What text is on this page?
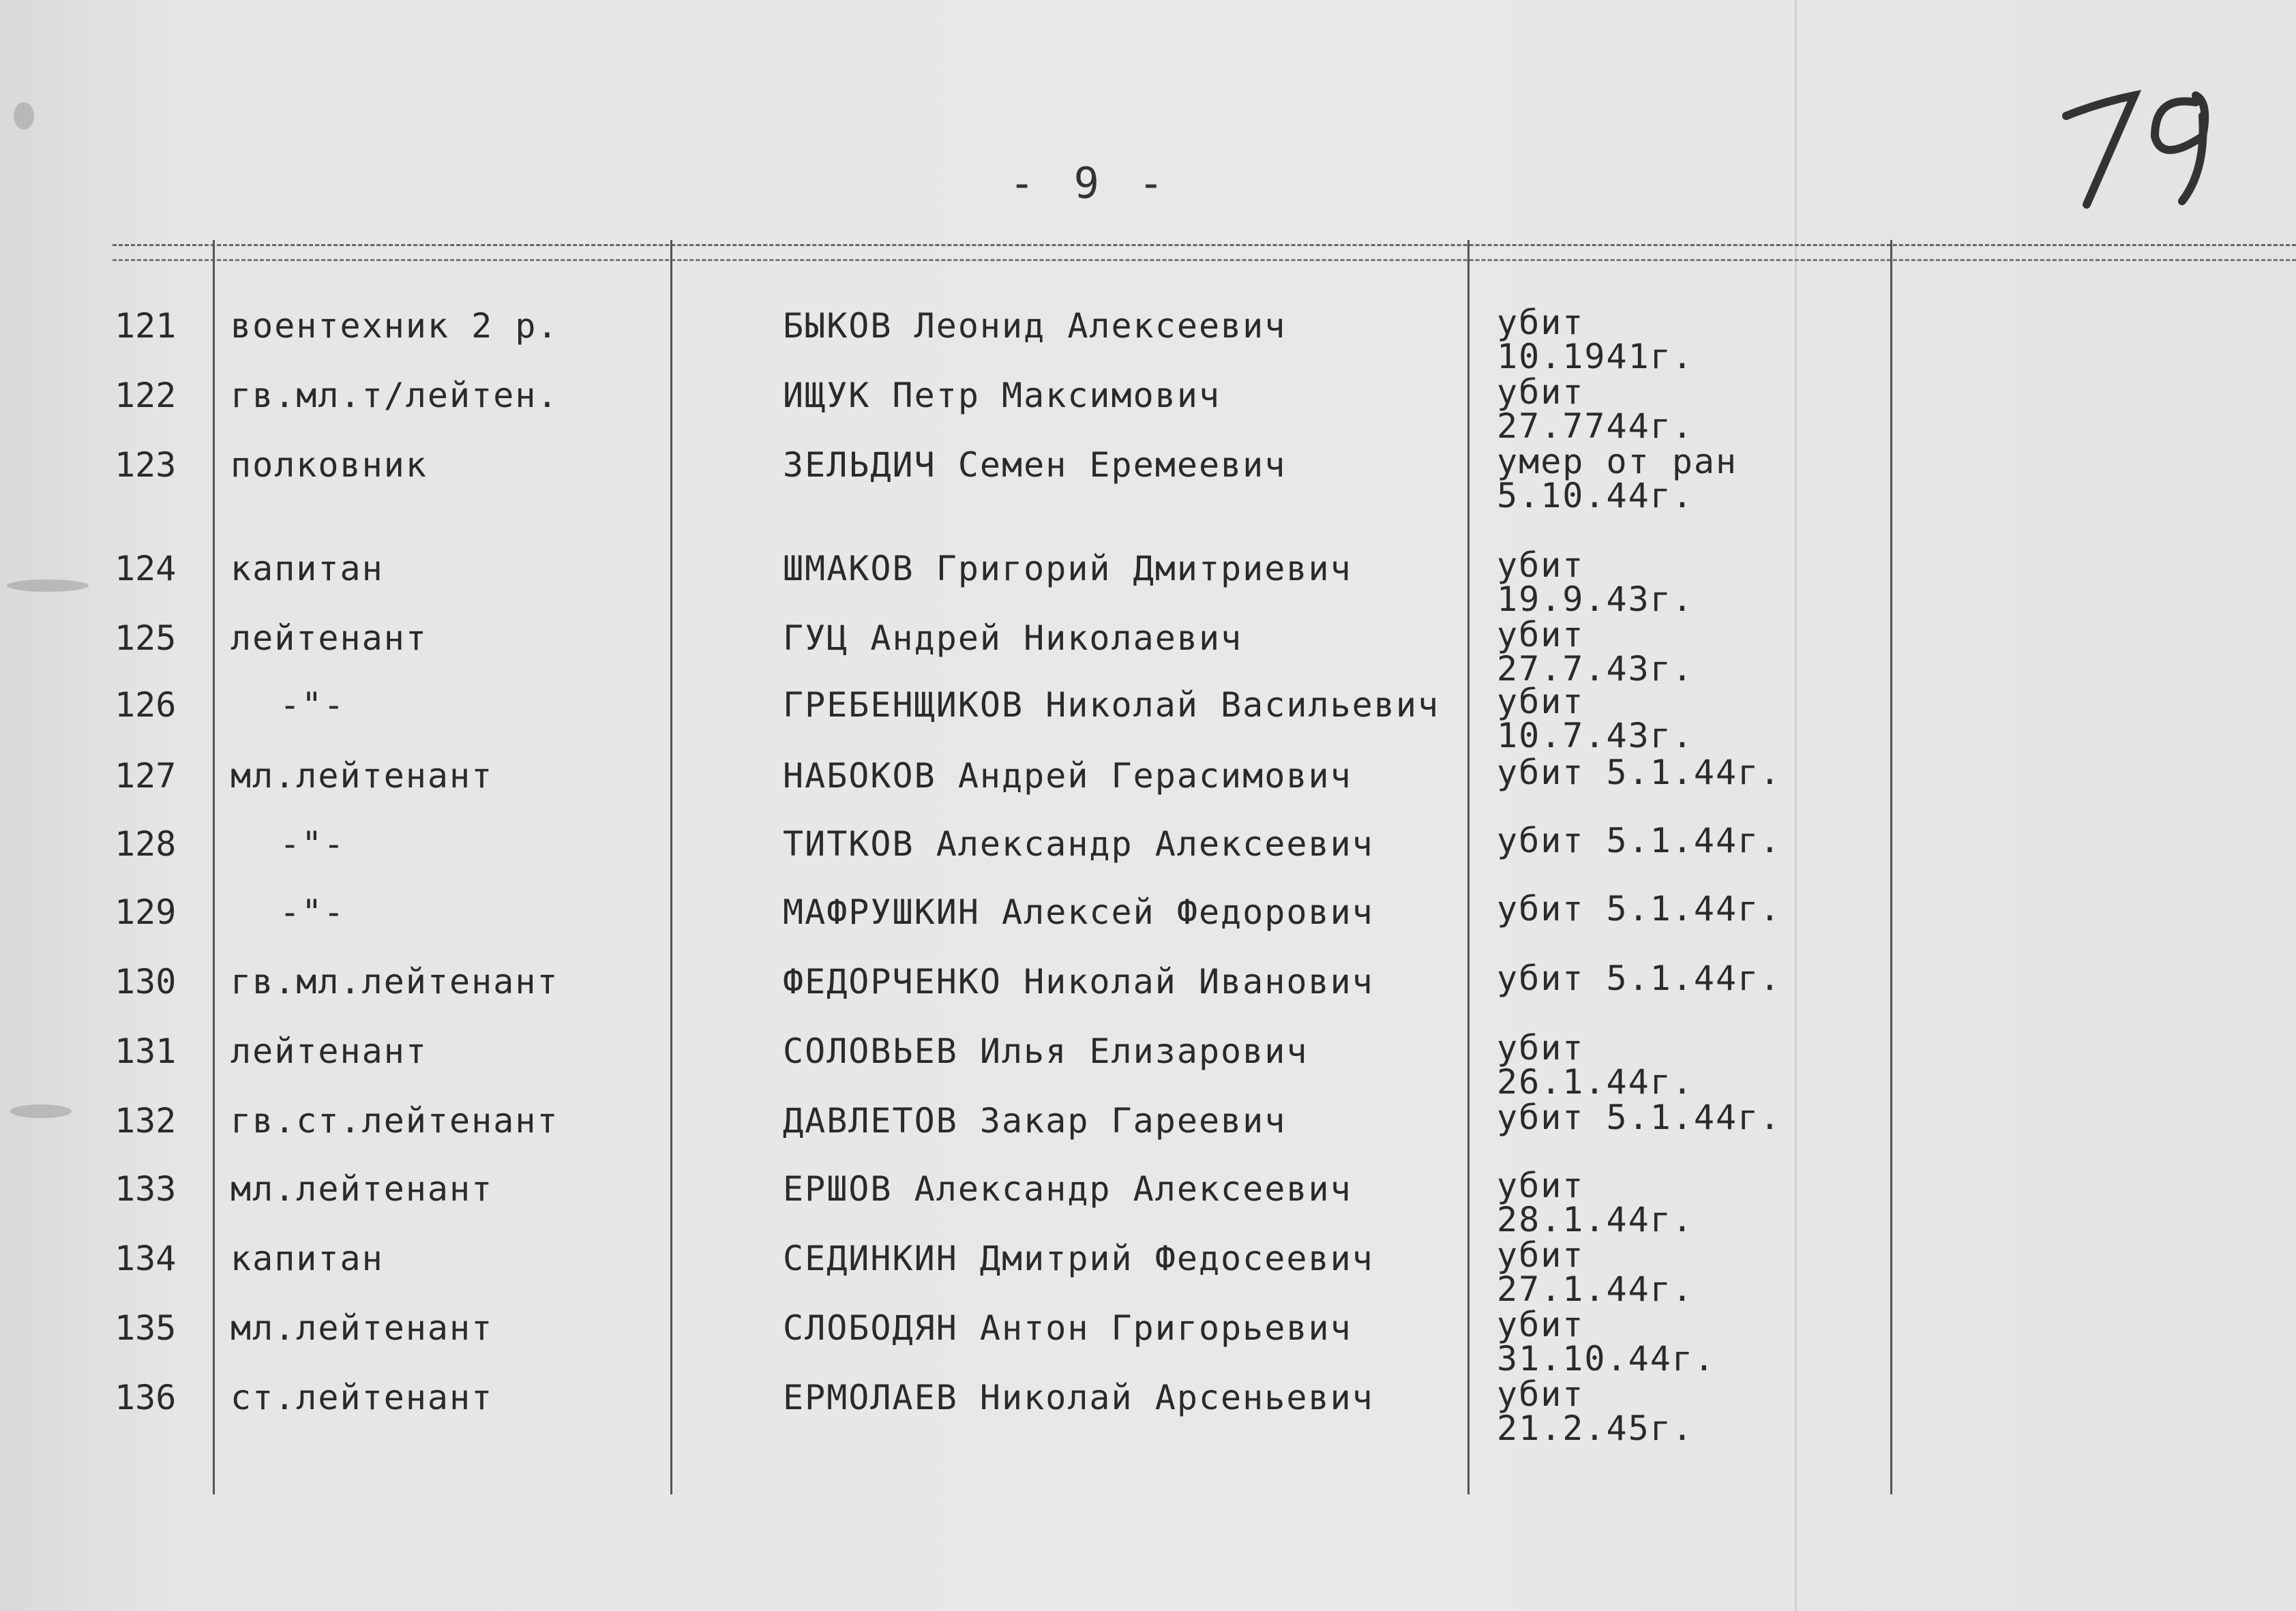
- 9 -
121 воентехник 2 р.	БЫКОВ Леонид Алексеевич	убит 10.1941г.
122 гв.мл.т/лейтен.	ИЩУК Петр Максимович	убит 27.7744г.
123 полковник	ЗЕЛЬДИЧ Семен Еремеевич	умер от ран 5.10.44г.
124 капитан	ШМАКОВ Григорий Дмитриевич	убит 19.9.43г.
125 лейтенант	ГУЦ Андрей Николаевич	убит 27.7.43г.
126	-"-	ГРЕБЕНЩИКОВ Николай Васильевич убит 10.7.43г.
127 мл.лейтенант	НАБОКОВ Андрей Герасимович	убит 5.1.44г.
128	-"-	ТИТКОВ Александр Алексеевич	убит 5.1.44г.
129	-"-	МАФРУШКИН Алексей Федорович	убит 5.1.44г.
130 гв.мл.лейтенант	ФЕДОРЧЕНКО Николай Иванович	убит 5.1.44г.
131 лейтенант	СОЛОВЬЕВ Илья Елизарович	убит 26.1.44г.
132 гв.ст.лейтенант	ДАВЛЕТОВ Закар Гареевич	убит 5.1.44г.
133 мл.лейтенант	ЕРШОВ Александр Алексеевич	убит 28.1.44г.
134 капитан	СЕДИНКИН Дмитрий Федосеевич	убит 27.1.44г.
135 мл.лейтенант	СЛОБОДЯН Антон Григорьевич	убит 31.10.44г.
136 ст.лейтенант	ЕРМОЛАЕВ Николай Арсеньевич	убит 21.2.45г.
